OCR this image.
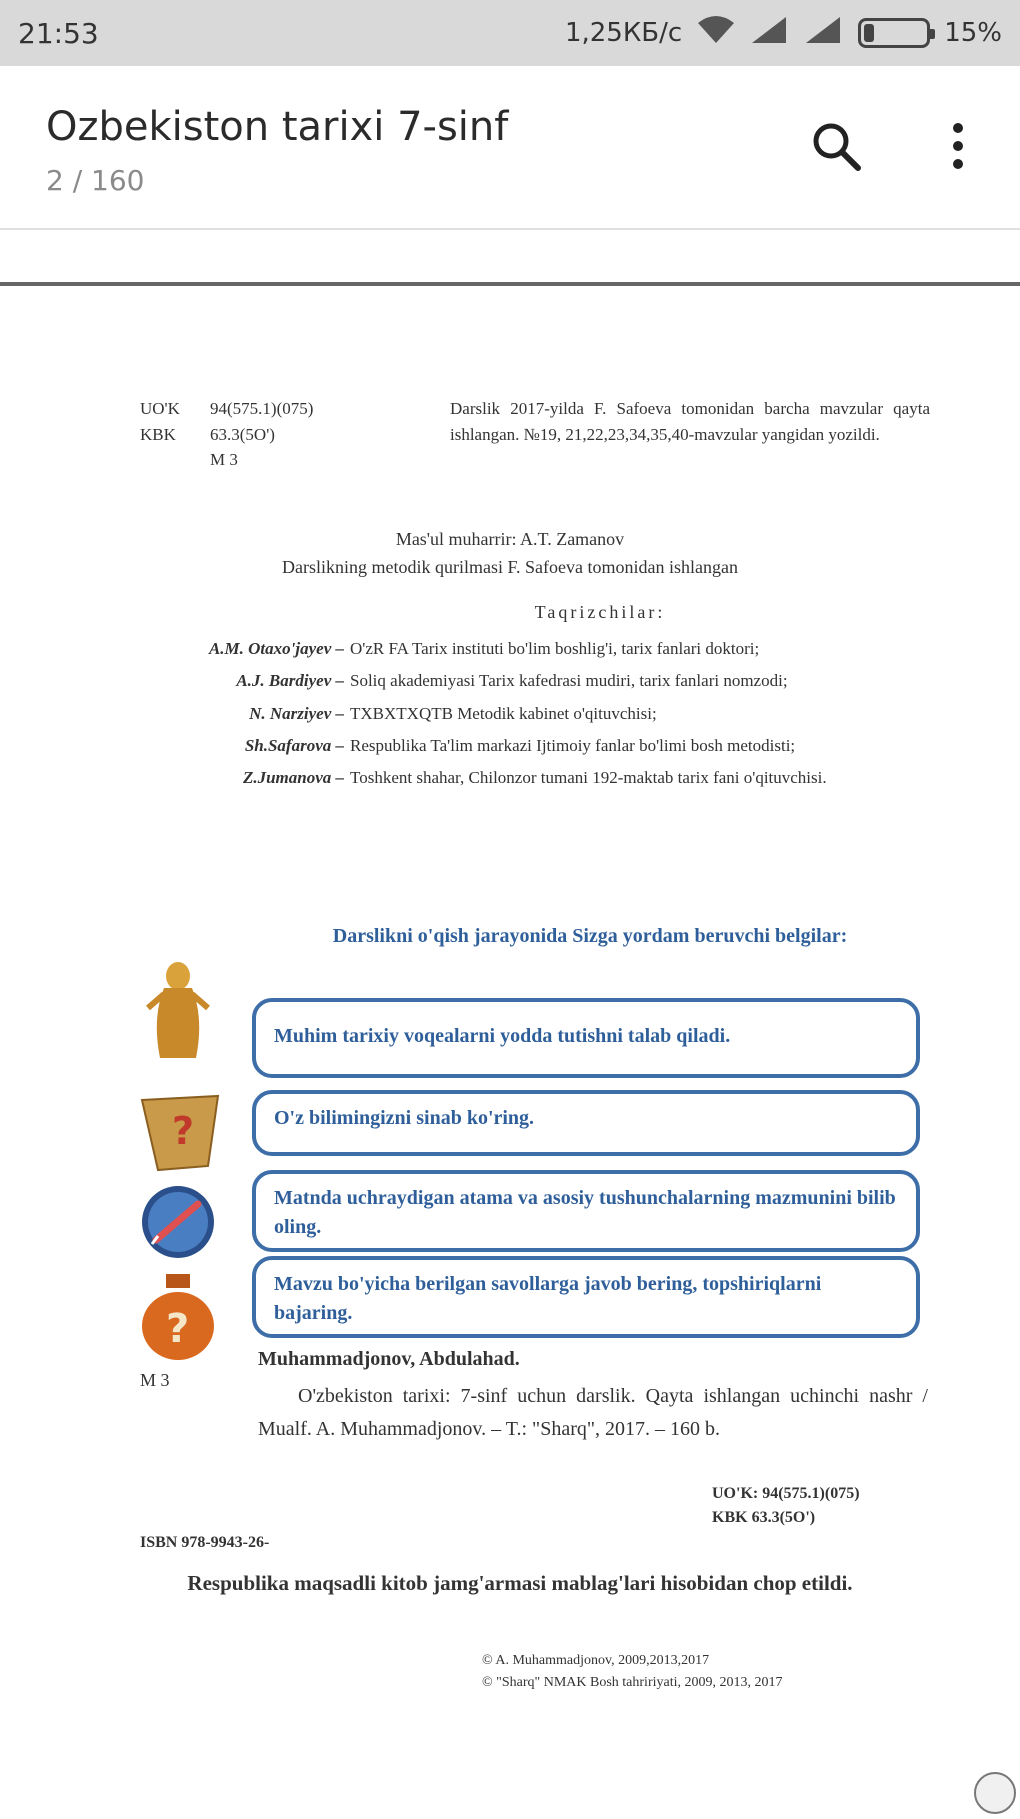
21:53	1,25КБ/с	15%
Ozbekiston tarixi 7-sinf
2 / 160
UO'K	94(575.1)(075)
KBK	63.3(5O')
M 3
Darslik 2017-yilda F. Safoeva tomonidan barcha mavzular qayta ishlangan. №19, 21,22,23,34,35,40-mavzular yangidan yozildi.
Mas'ul muharrir: A.T. Zamanov
Darslikning metodik qurilmasi F. Safoeva tomonidan ishlangan
Taqrizchilar:
A.M. Otaxo'jayev – O'zR FA Tarix instituti bo'lim boshlig'i, tarix fanlari doktori;
A.J. Bardiyev – Soliq akademiyasi Tarix kafedrasi mudiri, tarix fanlari nomzodi;
N. Narziyev – TXBXTXQTB Metodik kabinet o'qituvchisi;
Sh.Safarova – Respublika Ta'lim markazi Ijtimoiy fanlar bo'limi bosh metodisti;
Z.Jumanova – Toshkent shahar, Chilonzor tumani 192-maktab tarix fani o'qituvchisi.
Darslikni o'qish jarayonida Sizga yordam beruvchi belgilar:
Muhim tarixiy voqealarni yodda tutishni talab qiladi.
?	O'z bilimingizni sinab ko'ring.
Matnda uchraydigan atama va asosiy tushunchalarning mazmunini bilib oling.
?
Mavzu bo'yicha berilgan savollarga javob bering, topshiriqlarni bajaring.
M 3
Muhammadjonov, Abdulahad.
O'zbekiston tarixi: 7-sinf uchun darslik. Qayta ishlangan uchinchi nashr / Mualf. A. Muhammadjonov. – T.: "Sharq", 2017. – 160 b.
UO'K: 94(575.1)(075)
KBK 63.3(5O')
ISBN 978-9943-26-
Respublika maqsadli kitob jamg'armasi mablag'lari hisobidan chop etildi.
© A. Muhammadjonov, 2009,2013,2017
© "Sharq" NMAK Bosh tahririyati, 2009, 2013, 2017
